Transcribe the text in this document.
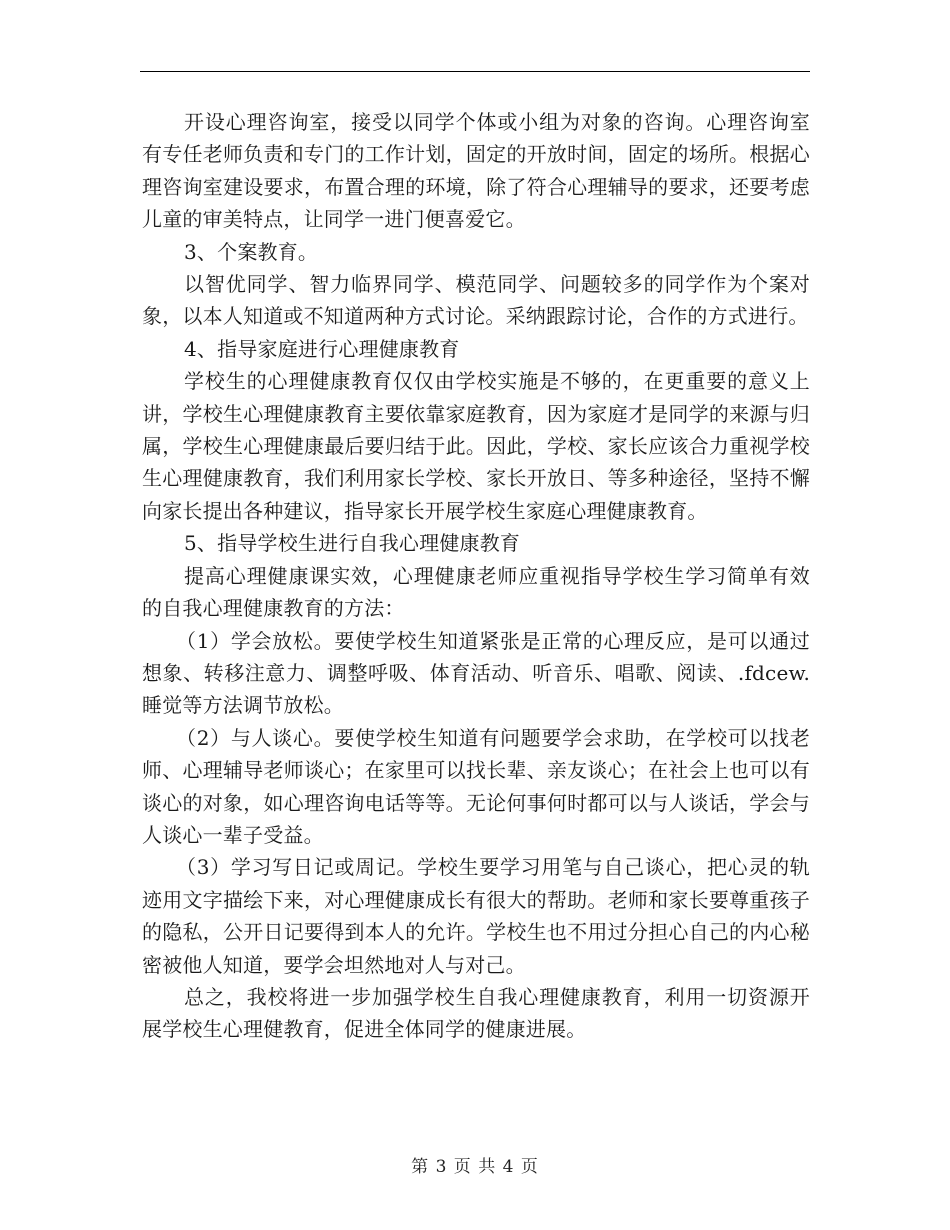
开设心理咨询室，接受以同学个体或小组为对象的咨询。心理咨询室有专任老师负责和专门的工作计划，固定的开放时间，固定的场所。根据心理咨询室建设要求，布置合理的环境，除了符合心理辅导的要求，还要考虑儿童的审美特点，让同学一进门便喜爱它。

3、个案教育。

以智优同学、智力临界同学、模范同学、问题较多的同学作为个案对象，以本人知道或不知道两种方式讨论。采纳跟踪讨论，合作的方式进行。

4、指导家庭进行心理健康教育

学校生的心理健康教育仅仅由学校实施是不够的，在更重要的意义上讲，学校生心理健康教育主要依靠家庭教育，因为家庭才是同学的来源与归属，学校生心理健康最后要归结于此。因此，学校、家长应该合力重视学校生心理健康教育，我们利用家长学校、家长开放日、等多种途径，坚持不懈向家长提出各种建议，指导家长开展学校生家庭心理健康教育。

5、指导学校生进行自我心理健康教育

提高心理健康课实效，心理健康老师应重视指导学校生学习简单有效的自我心理健康教育的方法：

（1）学会放松。要使学校生知道紧张是正常的心理反应，是可以通过想象、转移注意力、调整呼吸、体育活动、听音乐、唱歌、阅读、.fdcew.睡觉等方法调节放松。

（2）与人谈心。要使学校生知道有问题要学会求助，在学校可以找老师、心理辅导老师谈心；在家里可以找长辈、亲友谈心；在社会上也可以有谈心的对象，如心理咨询电话等等。无论何事何时都可以与人谈话，学会与人谈心一辈子受益。

（3）学习写日记或周记。学校生要学习用笔与自己谈心，把心灵的轨迹用文字描绘下来，对心理健康成长有很大的帮助。老师和家长要尊重孩子的隐私，公开日记要得到本人的允许。学校生也不用过分担心自己的内心秘密被他人知道，要学会坦然地对人与对己。

总之，我校将进一步加强学校生自我心理健康教育，利用一切资源开展学校生心理健教育，促进全体同学的健康进展。

第 3 页 共 4 页
